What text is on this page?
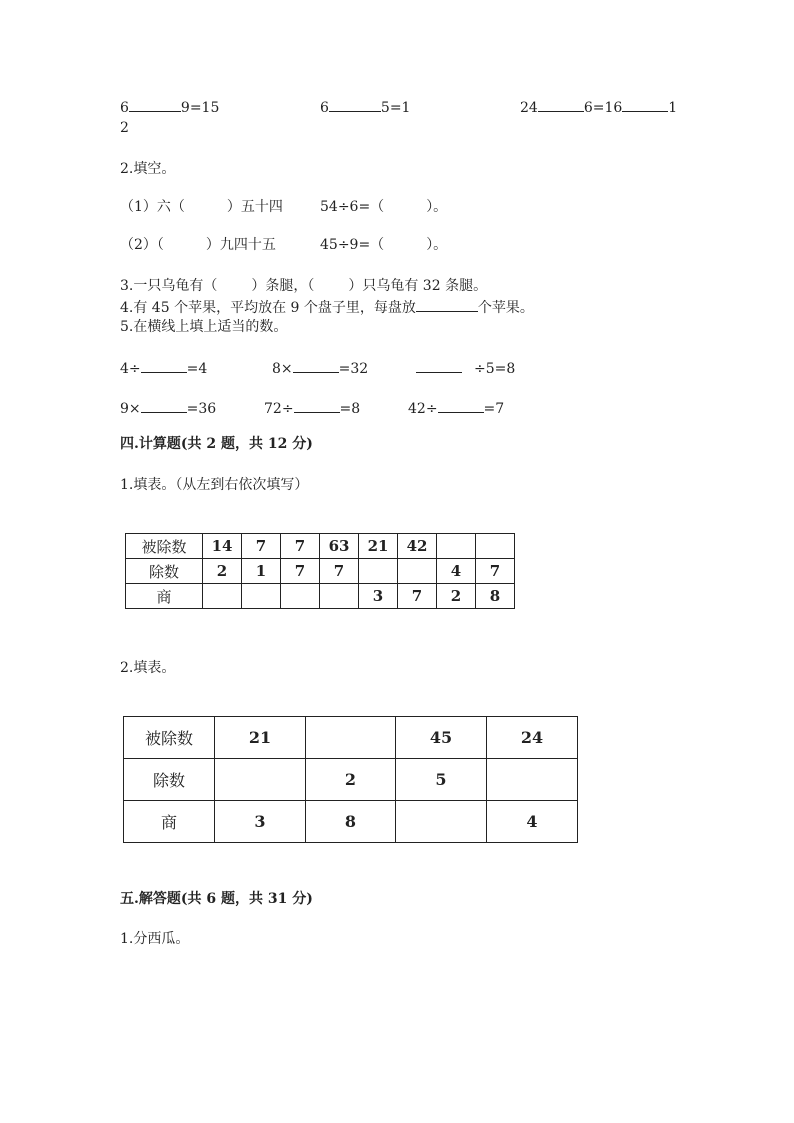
6	9=15	6	5=1	24	6=16	1
2
2.填空。
（1）六（	）五十四	54÷6=（	）。
（2）（	）九四十五	45÷9=（	）。
3.一只乌龟有（ ）条腿，（ ）只乌龟有 32 条腿。
4.有 45 个苹果，平均放在 9 个盘子里，每盘放	个苹果。
5.在横线上填上适当的数。
4÷	=4	8×	=32	÷5=8
9×	=36	72÷	=8	42÷	=7
四.计算题(共 2 题，共 12 分)
1.填表。（从左到右依次填写）
被除数	14	7	7	63	21	42		
除数	2	1	7	7			4	7
商					3	7	2	8
2.填表。
被除数	21		45	24
除数		2	5	
商	3	8		4
五.解答题(共 6 题，共 31 分)
1.分西瓜。
